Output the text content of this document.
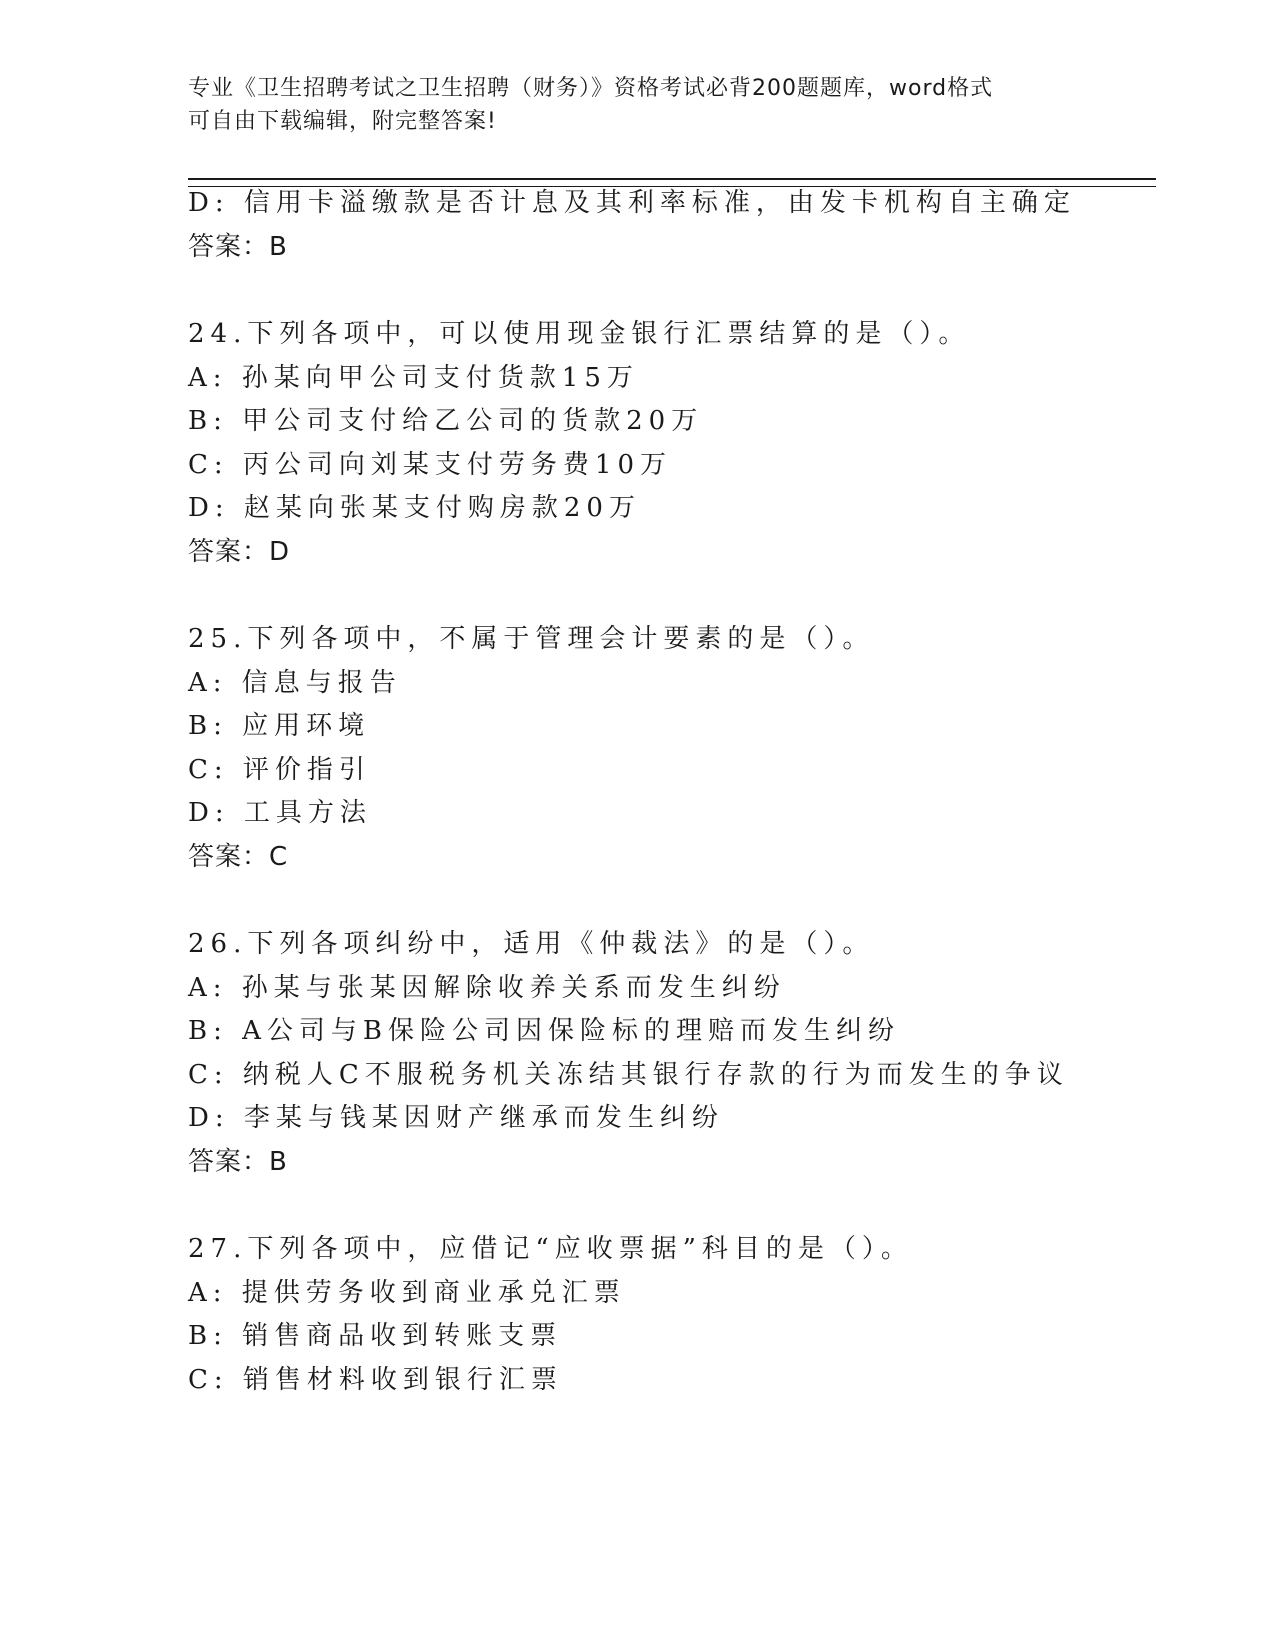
专业《卫生招聘考试之卫生招聘（财务）》资格考试必背200题题库，word格式
可自由下载编辑，附完整答案!
D: 信用卡溢缴款是否计息及其利率标准，由发卡机构自主确定
答案：B
24.下列各项中，可以使用现金银行汇票结算的是（）。
A: 孙某向甲公司支付货款15万
B: 甲公司支付给乙公司的货款20万
C: 丙公司向刘某支付劳务费10万
D: 赵某向张某支付购房款20万
答案：D
25.下列各项中，不属于管理会计要素的是（）。
A: 信息与报告
B: 应用环境
C: 评价指引
D: 工具方法
答案：C
26.下列各项纠纷中，适用《仲裁法》的是（）。
A: 孙某与张某因解除收养关系而发生纠纷
B: A公司与B保险公司因保险标的理赔而发生纠纷
C: 纳税人C不服税务机关冻结其银行存款的行为而发生的争议
D: 李某与钱某因财产继承而发生纠纷
答案：B
27.下列各项中，应借记“应收票据”科目的是（）。
A: 提供劳务收到商业承兑汇票
B: 销售商品收到转账支票
C: 销售材料收到银行汇票
